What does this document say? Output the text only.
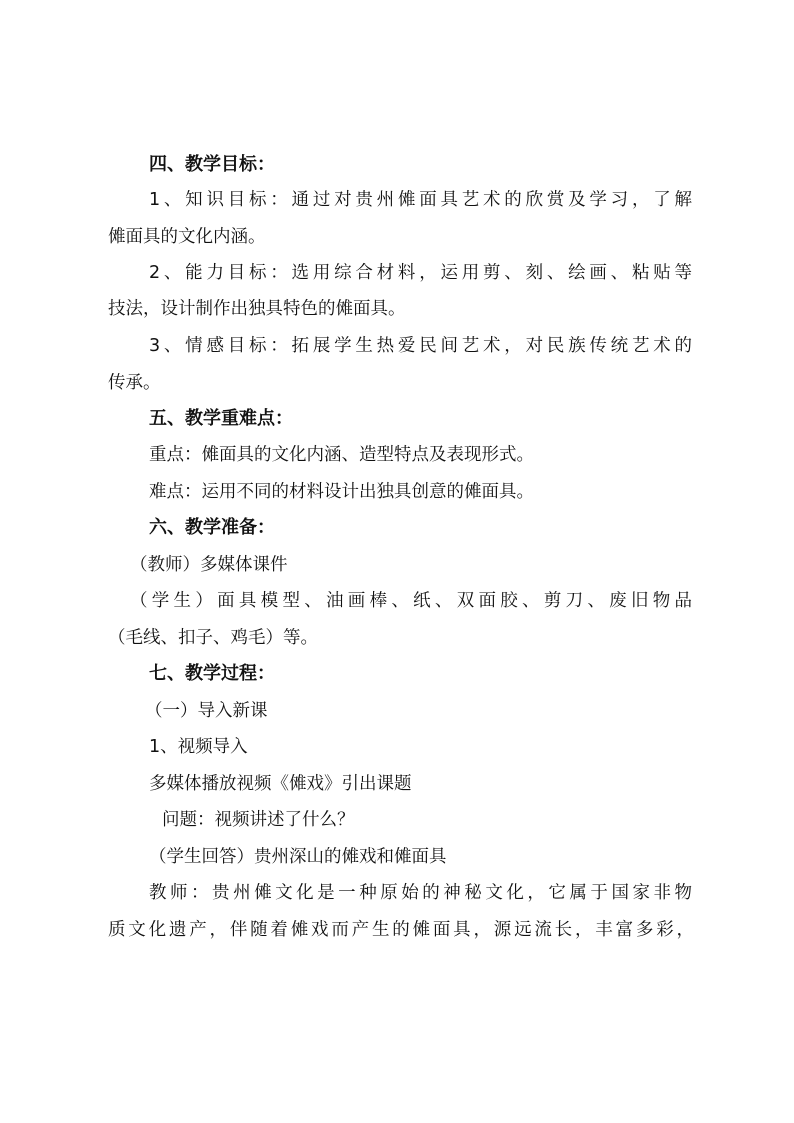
四、教学目标：
1、知识目标：通过对贵州傩面具艺术的欣赏及学习，了解
傩面具的文化内涵。
2、能力目标：选用综合材料，运用剪、刻、绘画、粘贴等
技法，设计制作出独具特色的傩面具。
3、情感目标：拓展学生热爱民间艺术，对民族传统艺术的
传承。
五、教学重难点：
重点：傩面具的文化内涵、造型特点及表现形式。
难点：运用不同的材料设计出独具创意的傩面具。
六、教学准备：
（教师）多媒体课件
（学生）面具模型、油画棒、纸、双面胶、剪刀、废旧物品
（毛线、扣子、鸡毛）等。
七、教学过程：
（一）导入新课
1、视频导入
多媒体播放视频《傩戏》引出课题
问题：视频讲述了什么？
（学生回答）贵州深山的傩戏和傩面具
教师：贵州傩文化是一种原始的神秘文化，它属于国家非物
质文化遗产，伴随着傩戏而产生的傩面具，源远流长，丰富多彩，
